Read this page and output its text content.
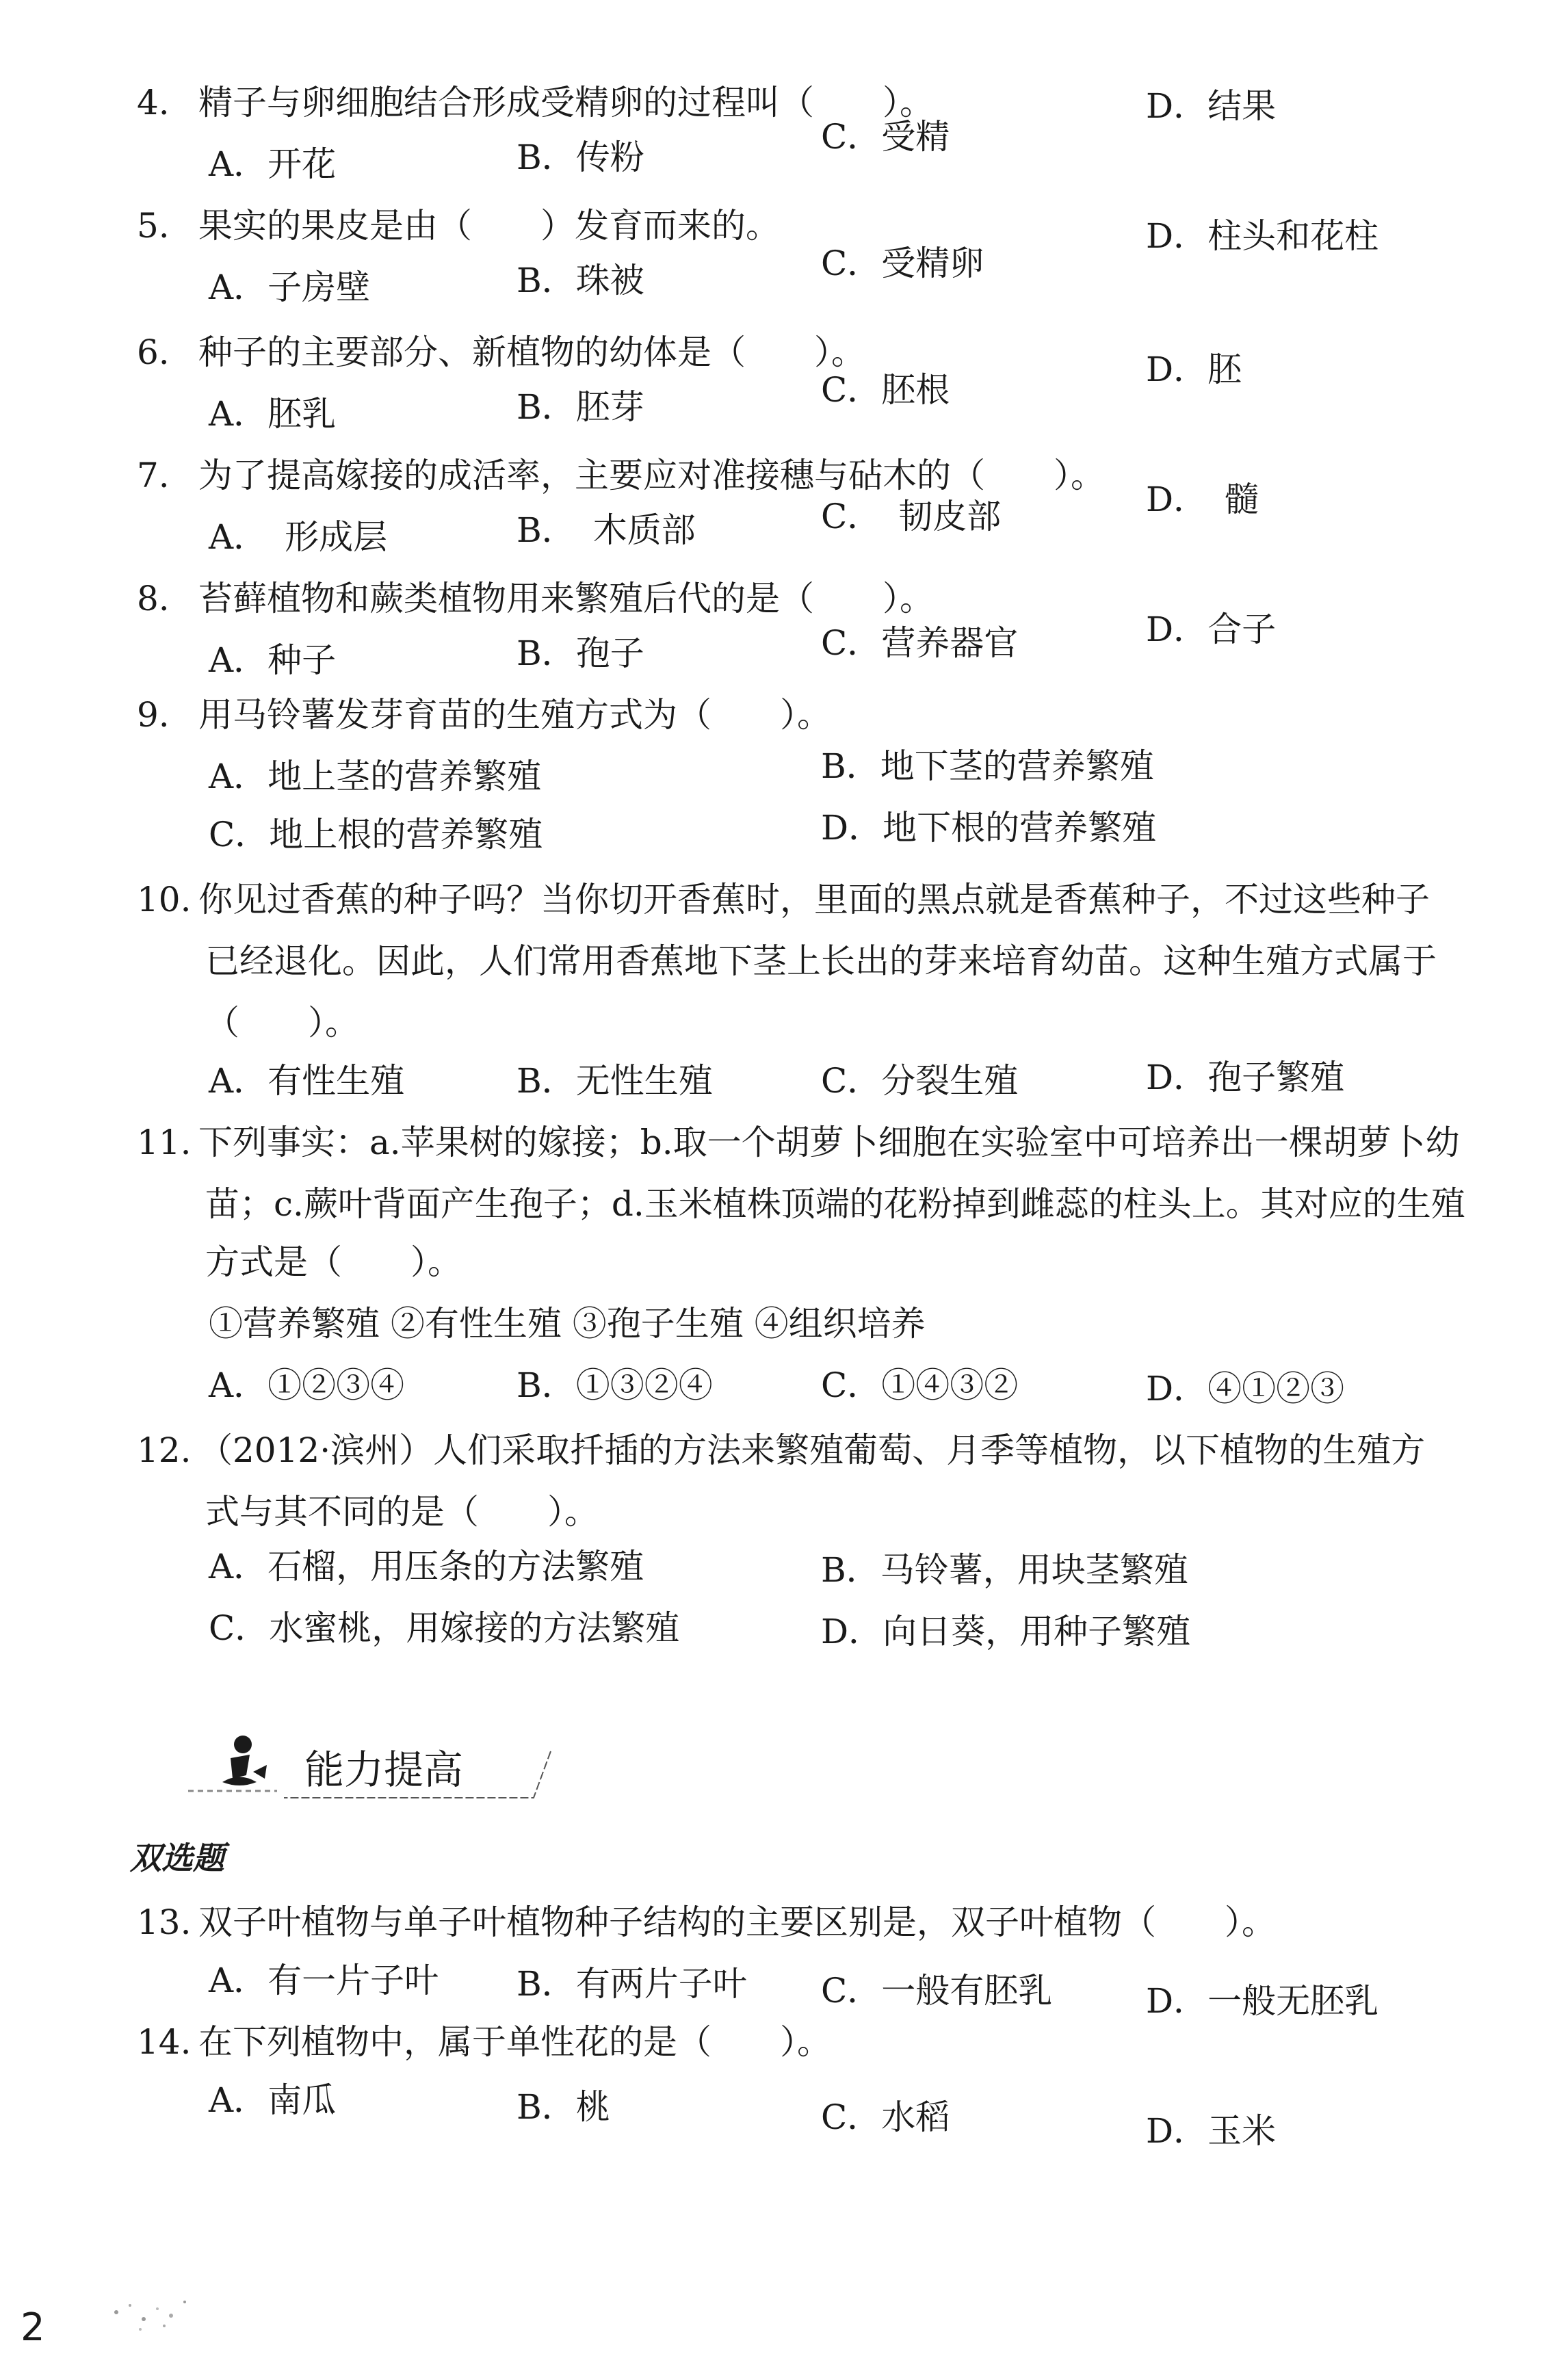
4. 精子与卵细胞结合形成受精卵的过程叫（　　）。
A．开花	B．传粉
C．受精
D．结果
5. 果实的果皮是由（　　）发育而来的。
A．子房壁	B．珠被	C．受精卵
D．柱头和花柱
6. 种子的主要部分、新植物的幼体是（　　）。
A．胚乳	B．胚芽	C．胚根
D．胚
7. 为了提高嫁接的成活率，主要应对准接穗与砧木的（　　）。
A．　形成层	B．　木质部	C．　韧皮部	D．　髓
8. 苔藓植物和蕨类植物用来繁殖后代的是（　　）。
A．种子	B．孢子	C．营养器官	D．合子
9. 用马铃薯发芽育苗的生殖方式为（　　）。
A．地上茎的营养繁殖	B．地下茎的营养繁殖
C．地上根的营养繁殖	D．地下根的营养繁殖
10. 你见过香蕉的种子吗？当你切开香蕉时，里面的黑点就是香蕉种子，不过这些种子
已经退化。因此，人们常用香蕉地下茎上长出的芽来培育幼苗。这种生殖方式属于
（　　）。
A．有性生殖	B．无性生殖	C．分裂生殖	D．孢子繁殖
11. 下列事实：a.苹果树的嫁接；b.取一个胡萝卜细胞在实验室中可培养出一棵胡萝卜幼
苗；c.蕨叶背面产生孢子；d.玉米植株顶端的花粉掉到雌蕊的柱头上。其对应的生殖
方式是（　　）。
①营养繁殖 ②有性生殖 ③孢子生殖 ④组织培养
A．①②③④	B．①③②④	C．①④③②	D．④①②③
12. （2012·滨州）人们采取扦插的方法来繁殖葡萄、月季等植物，以下植物的生殖方
式与其不同的是（　　）。
A．石榴，用压条的方法繁殖	B．马铃薯，用块茎繁殖
C．水蜜桃，用嫁接的方法繁殖	D．向日葵，用种子繁殖
能力提高
双选题
13. 双子叶植物与单子叶植物种子结构的主要区别是，双子叶植物（　　）。
A．有一片子叶 B．有两片子叶 C．一般有胚乳	D．一般无胚乳
14. 在下列植物中，属于单性花的是（　　）。
A．南瓜	B．桃	C．水稻	D．玉米
2
